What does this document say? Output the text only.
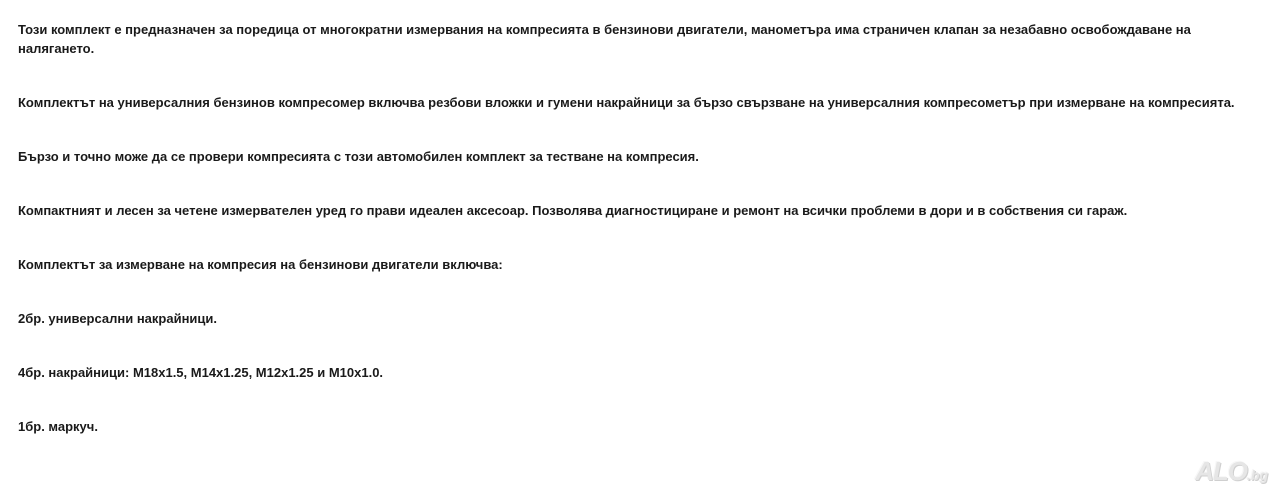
Този комплект е предназначен за поредица от многократни измервания на компресията в бензинови двигатели, манометъра има страничен клапан за незабавно освобождаване на налягането.

Комплектът на универсалния бензинов компресомер включва резбови вложки и гумени накрайници за бързо свързване на универсалния компресометър при измерване на компресията.

Бързо и точно може да се провери компресията с този автомобилен комплект за тестване на компресия.

Компактният и лесен за четене измервателен уред го прави идеален аксесоар. Позволява диагностициране и ремонт на всички проблеми в дори и в собствения си гараж.

Комплектът за измерване на компресия на бензинови двигатели включва:

2бр. универсални накрайници.

4бр. накрайници: M18x1.5, M14x1.25, M12x1.25 и M10x1.0.

1бр. маркуч.

ALO.bg
